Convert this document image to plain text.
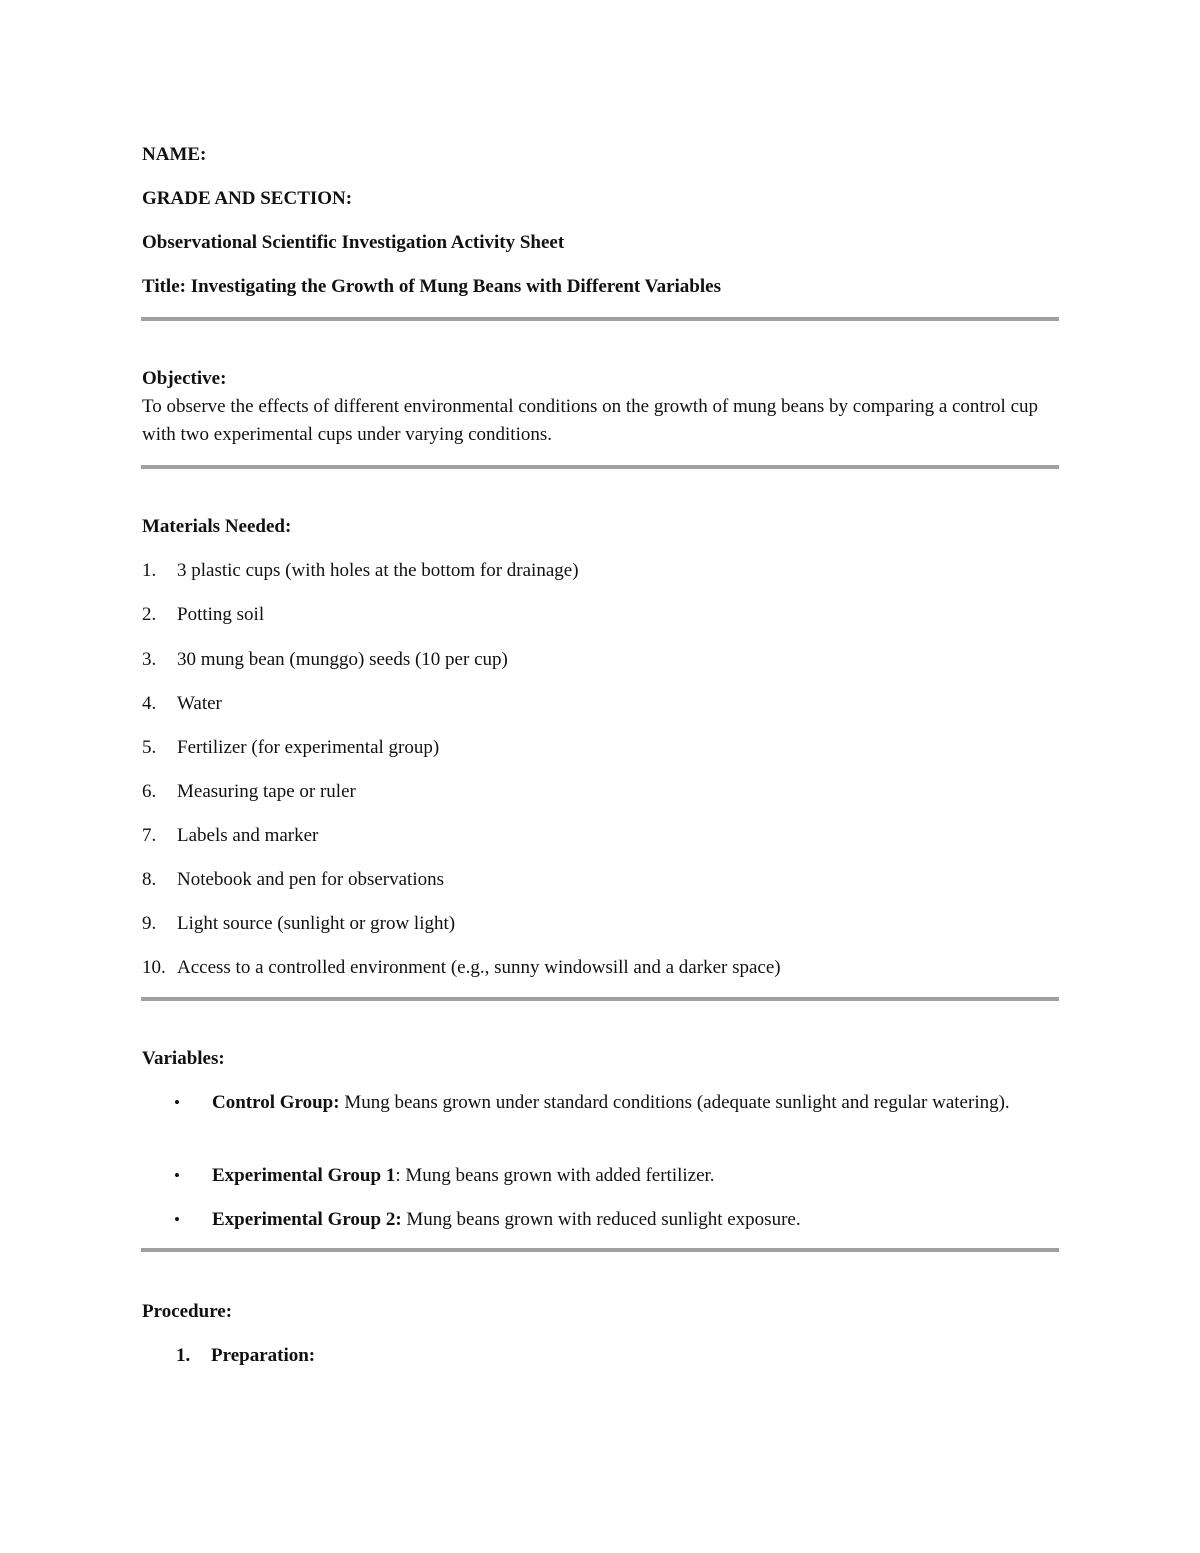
NAME:
GRADE AND SECTION:
Observational Scientific Investigation Activity Sheet
Title: Investigating the Growth of Mung Beans with Different Variables
Objective:
To observe the effects of different environmental conditions on the growth of mung beans by comparing a control cup with two experimental cups under varying conditions.
Materials Needed:
1. 3 plastic cups (with holes at the bottom for drainage)
2. Potting soil
3. 30 mung bean (munggo) seeds (10 per cup)
4. Water
5. Fertilizer (for experimental group)
6. Measuring tape or ruler
7. Labels and marker
8. Notebook and pen for observations
9. Light source (sunlight or grow light)
10. Access to a controlled environment (e.g., sunny windowsill and a darker space)
Variables:
• Control Group: Mung beans grown under standard conditions (adequate sunlight and regular watering).
• Experimental Group 1: Mung beans grown with added fertilizer.
• Experimental Group 2: Mung beans grown with reduced sunlight exposure.
Procedure:
1. Preparation:
